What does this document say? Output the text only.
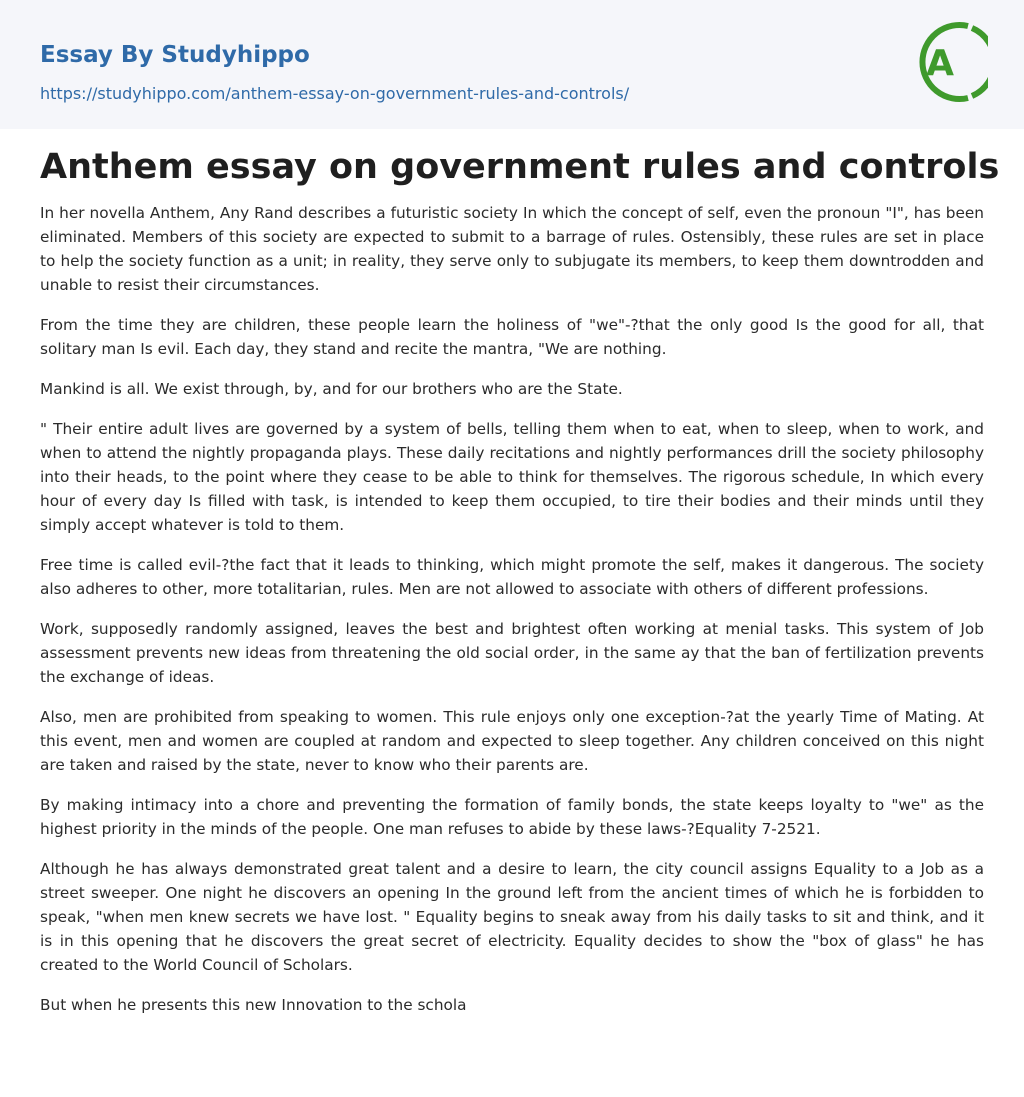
Essay By Studyhippo
https://studyhippo.com/anthem-essay-on-government-rules-and-controls/
A
Anthem essay on government rules and controls

In her novella Anthem, Any Rand describes a futuristic society In which the concept of self, even the pronoun "I", has been eliminated. Members of this society are expected to submit to a barrage of rules. Ostensibly, these rules are set in place to help the society function as a unit; in reality, they serve only to subjugate its members, to keep them downtrodden and unable to resist their circumstances.

From the time they are children, these people learn the holiness of "we"-?that the only good Is the good for all, that solitary man Is evil. Each day, they stand and recite the mantra, "We are nothing.

Mankind is all. We exist through, by, and for our brothers who are the State.

" Their entire adult lives are governed by a system of bells, telling them when to eat, when to sleep, when to work, and when to attend the nightly propaganda plays. These daily recitations and nightly performances drill the society philosophy into their heads, to the point where they cease to be able to think for themselves. The rigorous schedule, In which every hour of every day Is filled with task, is intended to keep them occupied, to tire their bodies and their minds until they simply accept whatever is told to them.

Free time is called evil-?the fact that it leads to thinking, which might promote the self, makes it dangerous. The society also adheres to other, more totalitarian, rules. Men are not allowed to associate with others of different professions.

Work, supposedly randomly assigned, leaves the best and brightest often working at menial tasks. This system of Job assessment prevents new ideas from threatening the old social order, in the same ay that the ban of fertilization prevents the exchange of ideas.

Also, men are prohibited from speaking to women. This rule enjoys only one exception-?at the yearly Time of Mating. At this event, men and women are coupled at random and expected to sleep together. Any children conceived on this night are taken and raised by the state, never to know who their parents are.

By making intimacy into a chore and preventing the formation of family bonds, the state keeps loyalty to "we" as the highest priority in the minds of the people. One man refuses to abide by these laws-?Equality 7-2521.

Although he has always demonstrated great talent and a desire to learn, the city council assigns Equality to a Job as a street sweeper. One night he discovers an opening In the ground left from the ancient times of which he is forbidden to speak, "when men knew secrets we have lost. " Equality begins to sneak away from his daily tasks to sit and think, and it is in this opening that he discovers the great secret of electricity. Equality decides to show the "box of glass" he has created to the World Council of Scholars.

But when he presents this new Innovation to the schola
